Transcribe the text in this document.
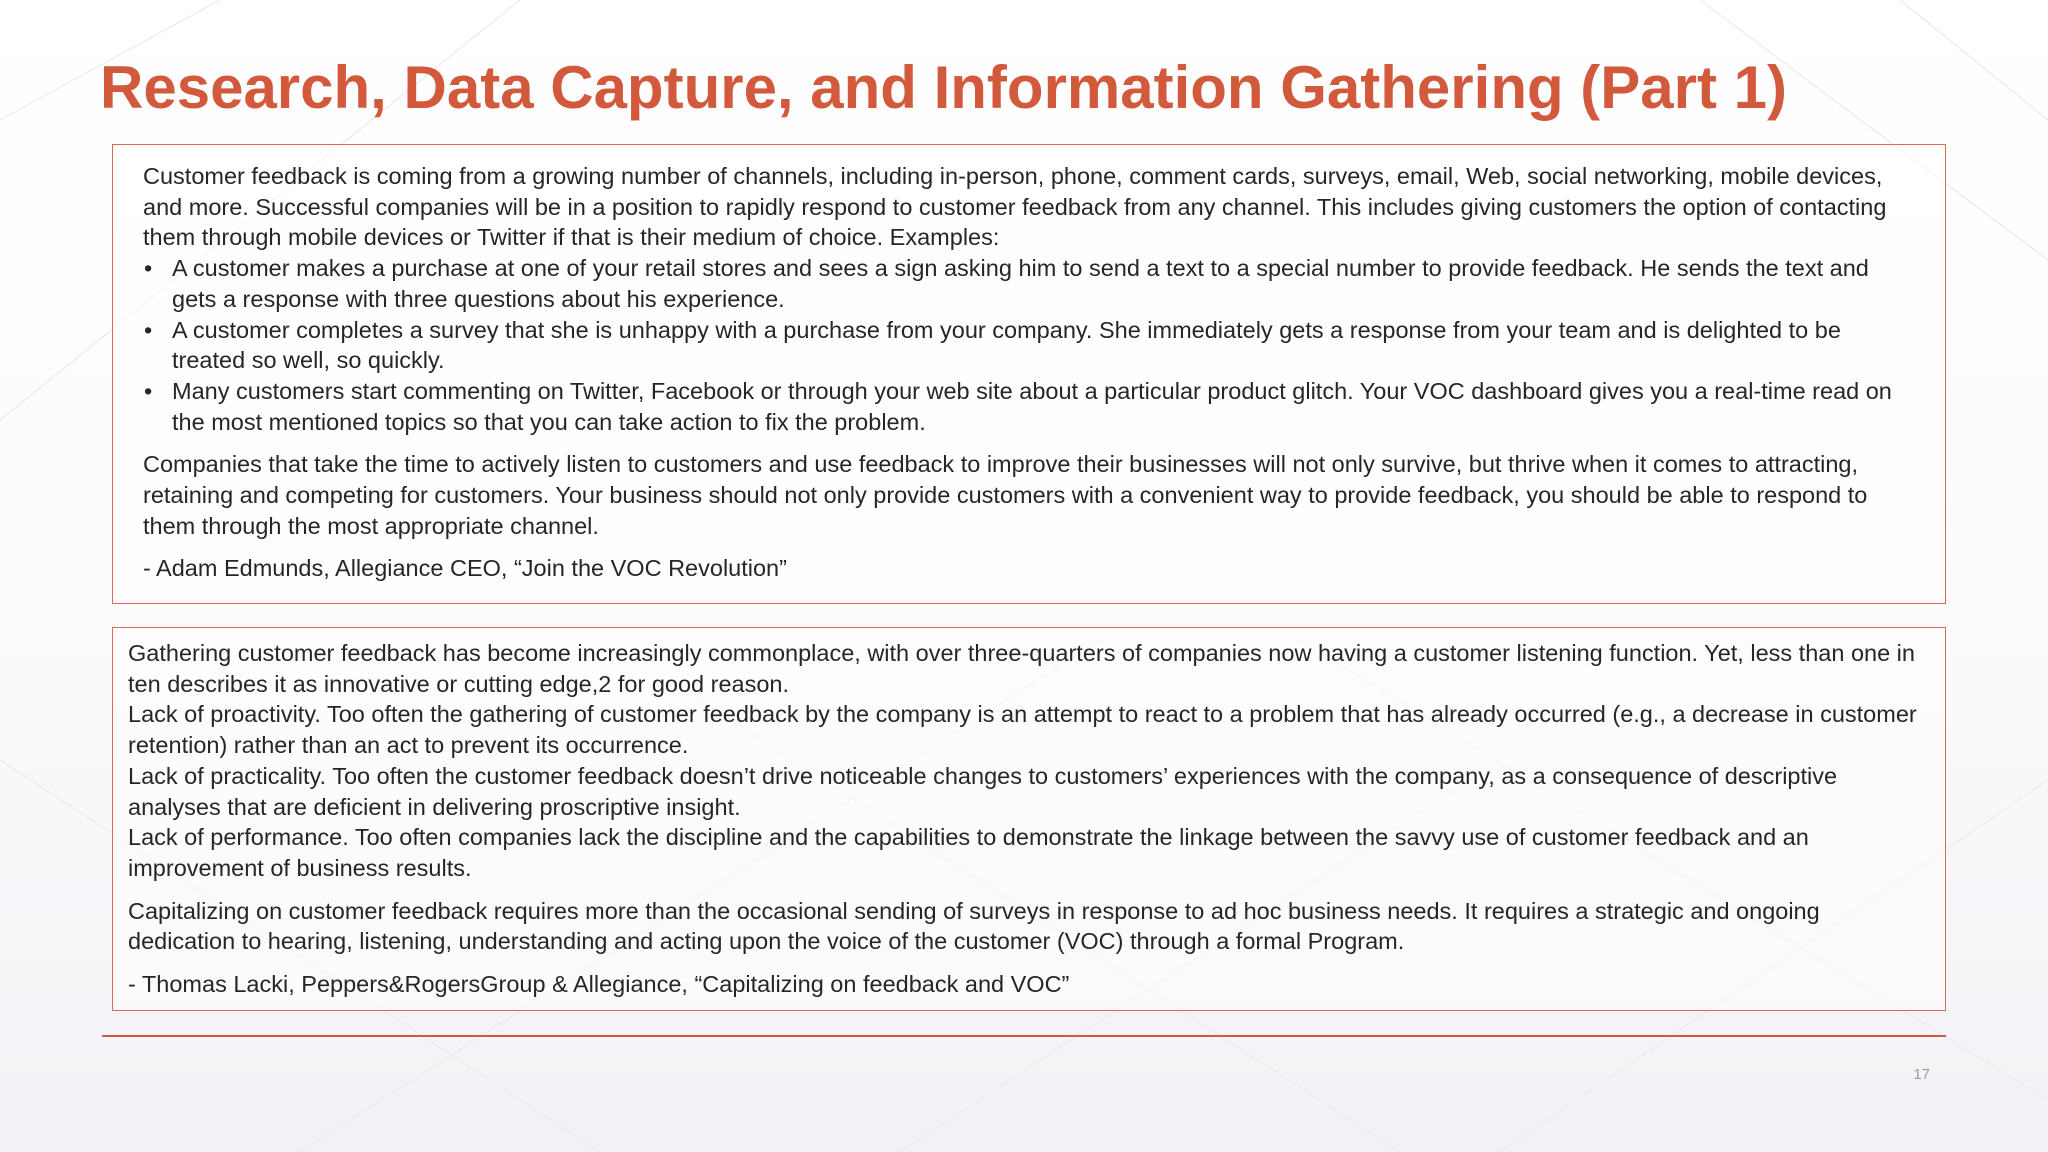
Research, Data Capture, and Information Gathering (Part 1)

Customer feedback is coming from a growing number of channels, including in-person, phone, comment cards, surveys, email, Web, social networking, mobile devices, and more. Successful companies will be in a position to rapidly respond to customer feedback from any channel. This includes giving customers the option of contacting them through mobile devices or Twitter if that is their medium of choice. Examples:

• A customer makes a purchase at one of your retail stores and sees a sign asking him to send a text to a special number to provide feedback. He sends the text and gets a response with three questions about his experience.
• A customer completes a survey that she is unhappy with a purchase from your company. She immediately gets a response from your team and is delighted to be treated so well, so quickly.
• Many customers start commenting on Twitter, Facebook or through your web site about a particular product glitch. Your VOC dashboard gives you a real-time read on the most mentioned topics so that you can take action to fix the problem.

Companies that take the time to actively listen to customers and use feedback to improve their businesses will not only survive, but thrive when it comes to attracting, retaining and competing for customers. Your business should not only provide customers with a convenient way to provide feedback, you should be able to respond to them through the most appropriate channel.

- Adam Edmunds, Allegiance CEO, “Join the VOC Revolution”

Gathering customer feedback has become increasingly commonplace, with over three-quarters of companies now having a customer listening function. Yet, less than one in ten describes it as innovative or cutting edge,2 for good reason.

Lack of proactivity. Too often the gathering of customer feedback by the company is an attempt to react to a problem that has already occurred (e.g., a decrease in customer retention) rather than an act to prevent its occurrence.

Lack of practicality. Too often the customer feedback doesn’t drive noticeable changes to customers’ experiences with the company, as a consequence of descriptive analyses that are deficient in delivering proscriptive insight.

Lack of performance. Too often companies lack the discipline and the capabilities to demonstrate the linkage between the savvy use of customer feedback and an improvement of business results.

Capitalizing on customer feedback requires more than the occasional sending of surveys in response to ad hoc business needs. It requires a strategic and ongoing dedication to hearing, listening, understanding and acting upon the voice of the customer (VOC) through a formal Program.

- Thomas Lacki, Peppers&RogersGroup & Allegiance, “Capitalizing on feedback and VOC”

17
